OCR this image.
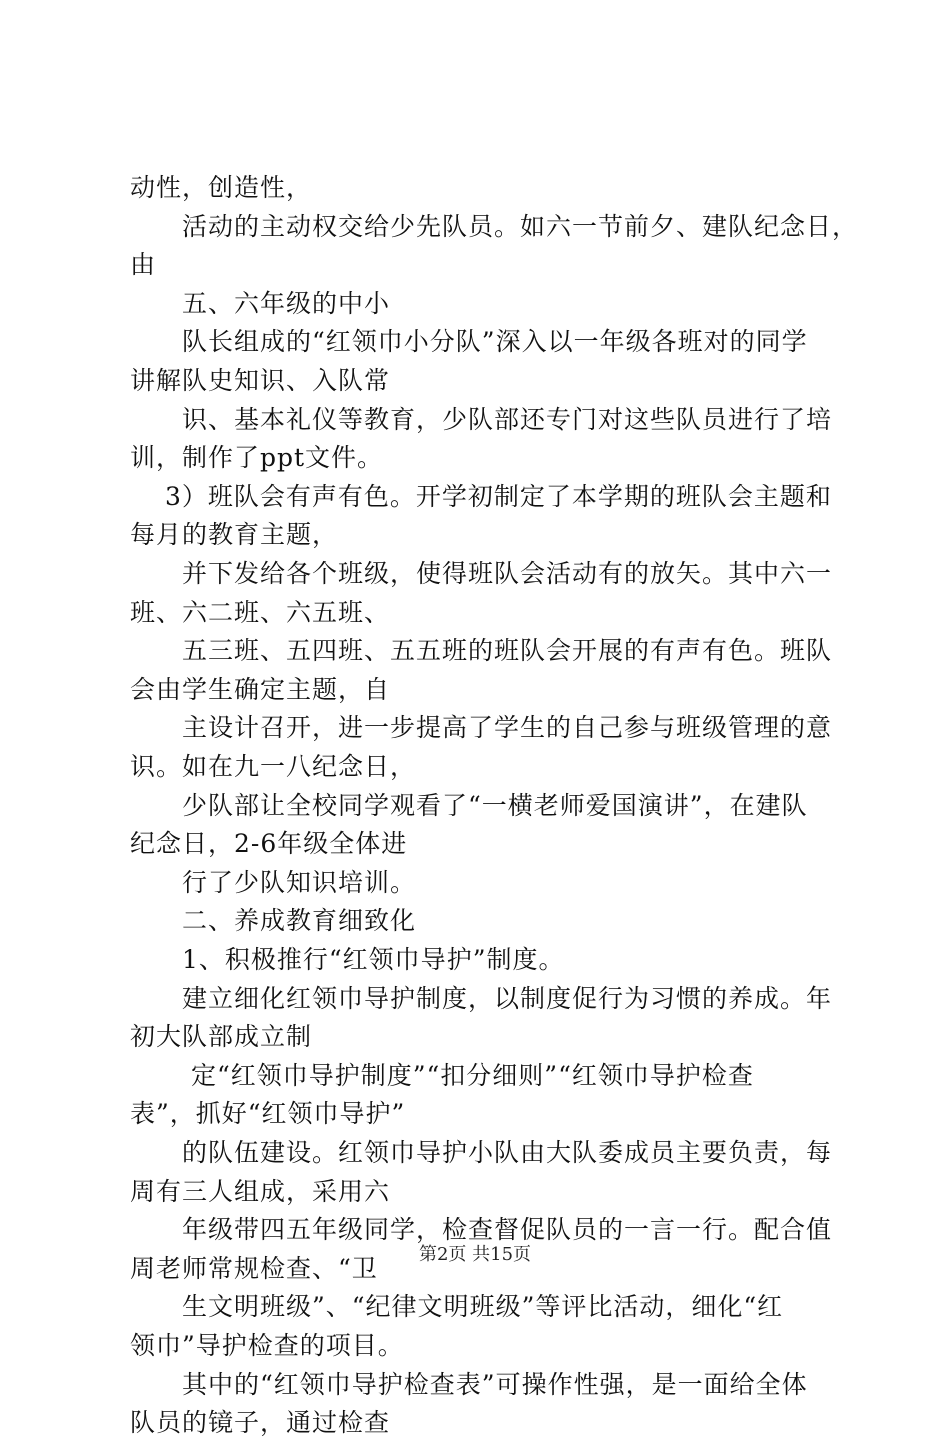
动性，创造性，
　　活动的主动权交给少先队员。如六一节前夕、建队纪念日，
由
　　五、六年级的中小
　　队长组成的“红领巾小分队”深入以一年级各班对的同学
讲解队史知识、入队常
　　识、基本礼仪等教育，少队部还专门对这些队员进行了培
训，制作了ppt文件。
　 3）班队会有声有色。开学初制定了本学期的班队会主题和
每月的教育主题，
　　并下发给各个班级，使得班队会活动有的放矢。其中六一
班、六二班、六五班、
　　五三班、五四班、五五班的班队会开展的有声有色。班队
会由学生确定主题，自
　　主设计召开，进一步提高了学生的自己参与班级管理的意
识。如在九一八纪念日，
　　少队部让全校同学观看了“一横老师爱国演讲”，在建队
纪念日，2-6年级全体进
　　行了少队知识培训。
　　二、养成教育细致化
　　1、积极推行“红领巾导护”制度。
　　建立细化红领巾导护制度，以制度促行为习惯的养成。年
初大队部成立制
　　 定“红领巾导护制度”“扣分细则”“红领巾导护检查
表”，抓好“红领巾导护”
　　的队伍建设。红领巾导护小队由大队委成员主要负责，每
周有三人组成，采用六
　　年级带四五年级同学，检查督促队员的一言一行。配合值
周老师常规检查、“卫
　　生文明班级”、“纪律文明班级”等评比活动，细化“红
领巾”导护检查的项目。
　　其中的“红领巾导护检查表”可操作性强，是一面给全体
队员的镜子，通过检查
第2页 共15页
